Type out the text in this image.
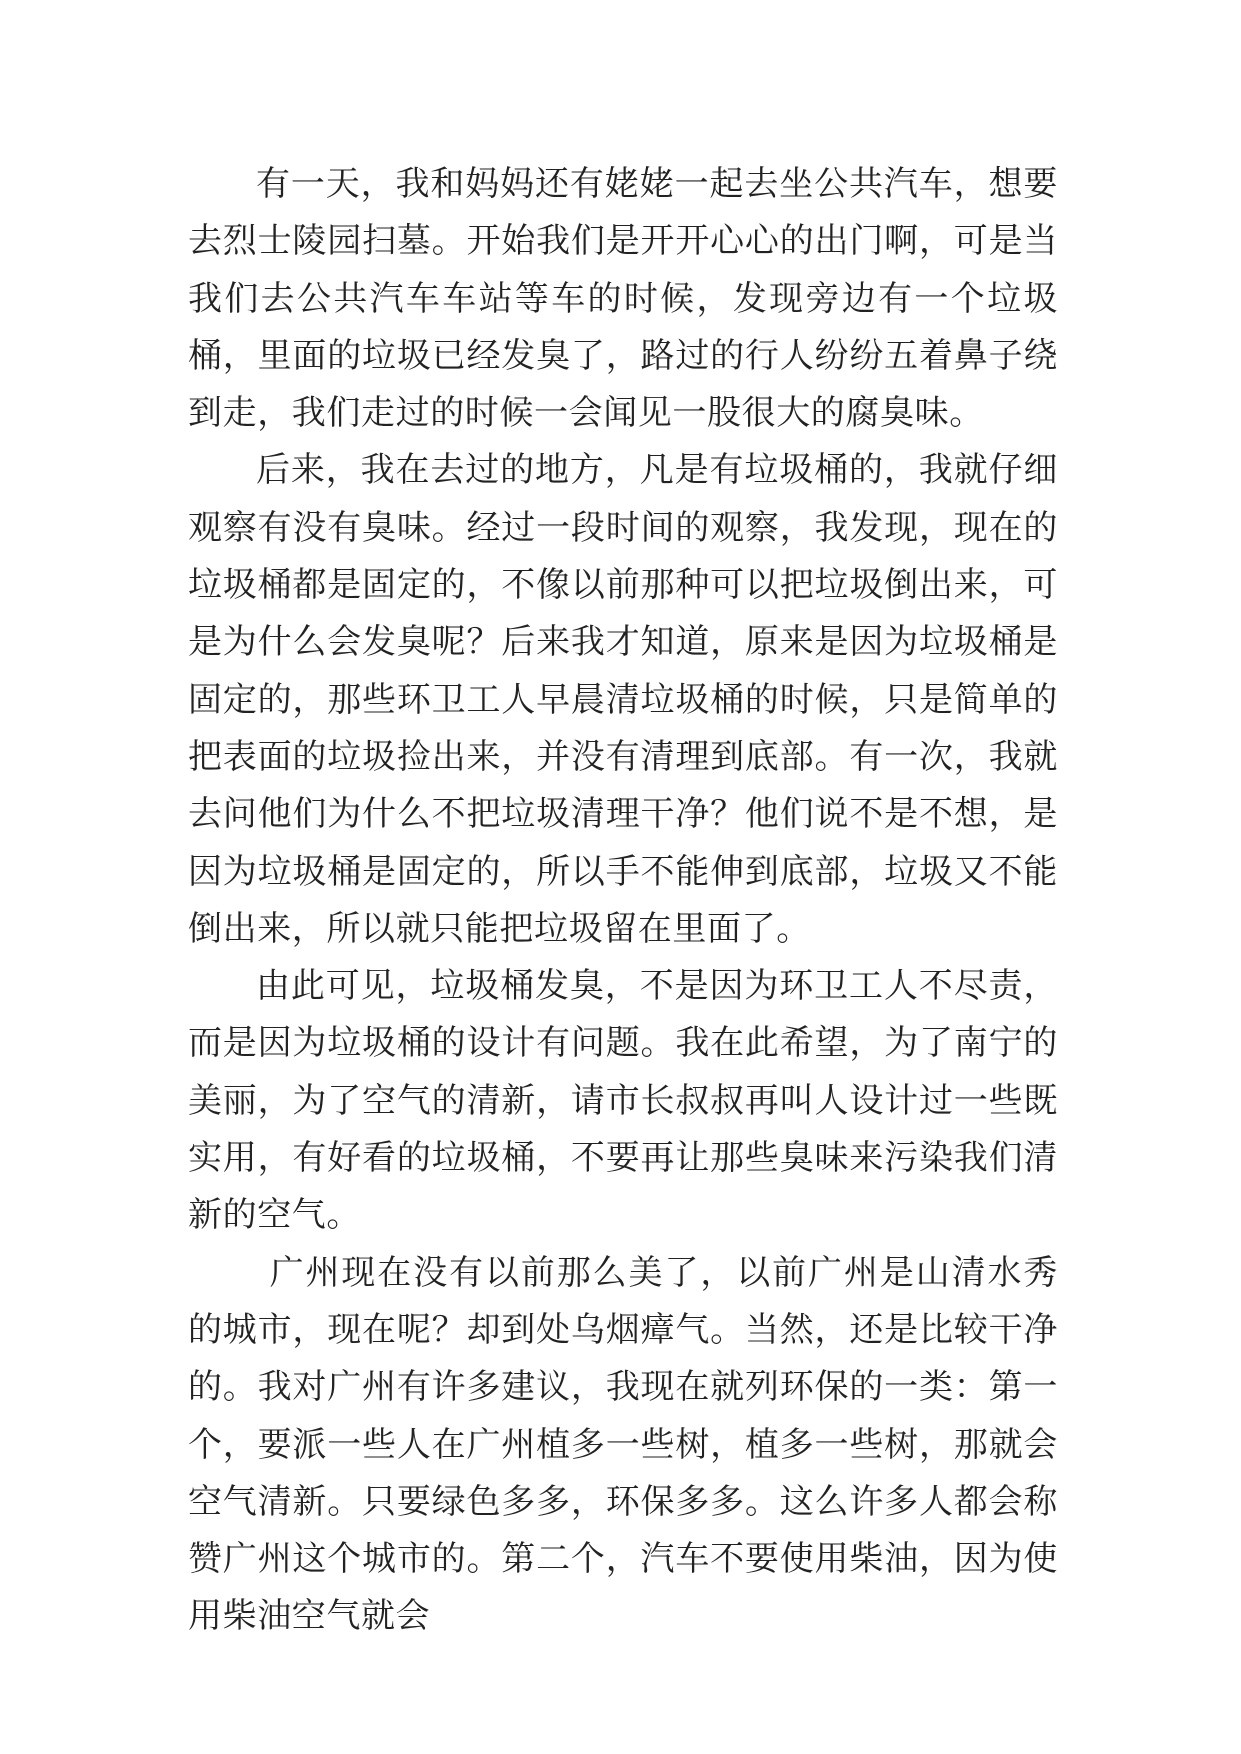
有一天，我和妈妈还有姥姥一起去坐公共汽车，想要去烈士陵园扫墓。开始我们是开开心心的出门啊，可是当我们去公共汽车车站等车的时候，发现旁边有一个垃圾桶，里面的垃圾已经发臭了，路过的行人纷纷五着鼻子绕到走，我们走过的时候一会闻见一股很大的腐臭味。

后来，我在去过的地方，凡是有垃圾桶的，我就仔细观察有没有臭味。经过一段时间的观察，我发现，现在的垃圾桶都是固定的，不像以前那种可以把垃圾倒出来，可是为什么会发臭呢？后来我才知道，原来是因为垃圾桶是固定的，那些环卫工人早晨清垃圾桶的时候，只是简单的把表面的垃圾捡出来，并没有清理到底部。有一次，我就去问他们为什么不把垃圾清理干净？他们说不是不想，是因为垃圾桶是固定的，所以手不能伸到底部，垃圾又不能倒出来，所以就只能把垃圾留在里面了。

由此可见，垃圾桶发臭，不是因为环卫工人不尽责，而是因为垃圾桶的设计有问题。我在此希望，为了南宁的美丽，为了空气的清新，请市长叔叔再叫人设计过一些既实用，有好看的垃圾桶，不要再让那些臭味来污染我们清新的空气。

广州现在没有以前那么美了，以前广州是山清水秀的城市，现在呢？却到处乌烟瘴气。当然，还是比较干净的。我对广州有许多建议，我现在就列环保的一类：第一个，要派一些人在广州植多一些树，植多一些树，那就会空气清新。只要绿色多多，环保多多。这么许多人都会称赞广州这个城市的。第二个，汽车不要使用柴油，因为使用柴油空气就会
